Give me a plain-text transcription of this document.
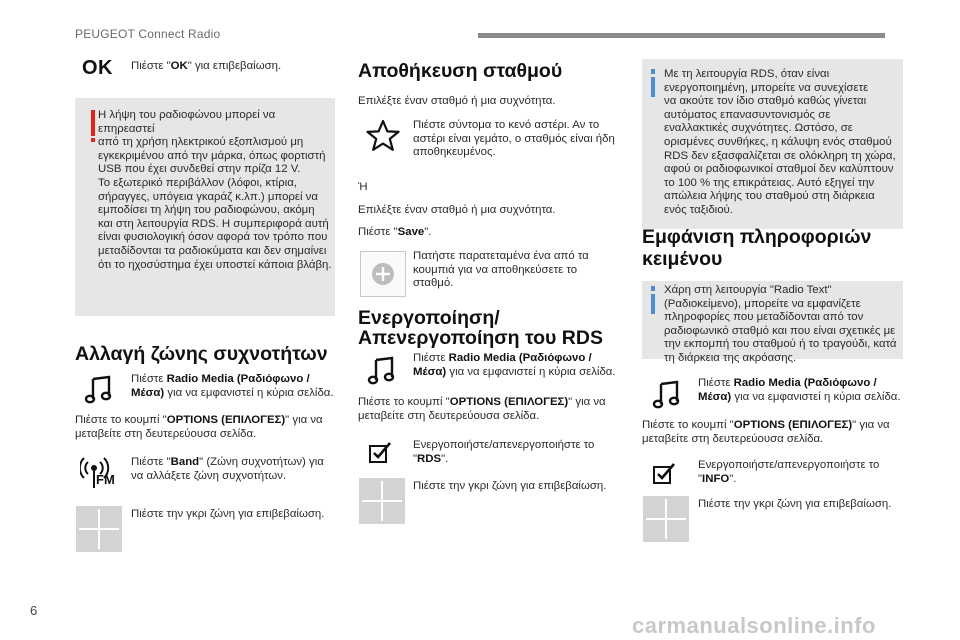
PEUGEOT Connect Radio
OK Πιέστε "OK" για επιβεβαίωση.
Η λήψη του ραδιοφώνου μπορεί να επηρεαστεί
από τη χρήση ηλεκτρικού εξοπλισμού μη
εγκεκριμένου από την μάρκα, όπως φορτιστή
USB που έχει συνδεθεί στην πρίζα 12 V.
Το εξωτερικό περιβάλλον (λόφοι, κτίρια,
σήραγγες, υπόγεια γκαράζ κ.λπ.) μπορεί να
εμποδίσει τη λήψη του ραδιοφώνου, ακόμη
και στη λειτουργία RDS. Η συμπεριφορά αυτή
είναι φυσιολογική όσον αφορά τον τρόπο που
μεταδίδονται τα ραδιοκύματα και δεν σημαίνει
ότι το ηχοσύστημα έχει υποστεί κάποια βλάβη.
Αλλαγή ζώνης συχνοτήτων
Πιέστε Radio Media (Ραδιόφωνο /
Μέσα) για να εμφανιστεί η κύρια σελίδα.
Πιέστε το κουμπί "OPTIONS (ΕΠΙΛΟΓΕΣ)" για να
μεταβείτε στη δευτερεύουσα σελίδα.
FM
Πιέστε "Band" (Ζώνη συχνοτήτων) για
να αλλάξετε ζώνη συχνοτήτων.
Πιέστε την γκρι ζώνη για επιβεβαίωση.
Αποθήκευση σταθμού
Επιλέξτε έναν σταθμό ή μια συχνότητα.
Πιέστε σύντομα το κενό αστέρι. Αν το
αστέρι είναι γεμάτο, ο σταθμός είναι ήδη
αποθηκευμένος.
Ή
Επιλέξτε έναν σταθμό ή μια συχνότητα.
Πιέστε "Save".
Πατήστε παρατεταμένα ένα από τα
κουμπιά για να αποθηκεύσετε το
σταθμό.
Ενεργοποίηση/
Απενεργοποίηση του RDS
Πιέστε Radio Media (Ραδιόφωνο /
Μέσα) για να εμφανιστεί η κύρια σελίδα.
Πιέστε το κουμπί "OPTIONS (ΕΠΙΛΟΓΕΣ)" για να
μεταβείτε στη δευτερεύουσα σελίδα.
Ενεργοποιήστε/απενεργοποιήστε το
"RDS".
Πιέστε την γκρι ζώνη για επιβεβαίωση.
Με τη λειτουργία RDS, όταν είναι
ενεργοποιημένη, μπορείτε να συνεχίσετε
να ακούτε τον ίδιο σταθμό καθώς γίνεται
αυτόματος επανασυντονισμός σε
εναλλακτικές συχνότητες. Ωστόσο, σε
ορισμένες συνθήκες, η κάλυψη ενός σταθμού
RDS δεν εξασφαλίζεται σε ολόκληρη τη χώρα,
αφού οι ραδιοφωνικοί σταθμοί δεν καλύπτουν
το 100 % της επικράτειας. Αυτό εξηγεί την
απώλεια λήψης του σταθμού στη διάρκεια
ενός ταξιδιού.
Εμφάνιση πληροφοριών
κειμένου
Χάρη στη λειτουργία "Radio Text"
(Ραδιοκείμενο), μπορείτε να εμφανίζετε
πληροφορίες που μεταδίδονται από τον
ραδιοφωνικό σταθμό και που είναι σχετικές με
την εκπομπή του σταθμού ή το τραγούδι, κατά
τη διάρκεια της ακρόασης.
Πιέστε Radio Media (Ραδιόφωνο /
Μέσα) για να εμφανιστεί η κύρια σελίδα.
Πιέστε το κουμπί "OPTIONS (ΕΠΙΛΟΓΕΣ)" για να
μεταβείτε στη δευτερεύουσα σελίδα.
Ενεργοποιήστε/απενεργοποιήστε το
"INFO".
Πιέστε την γκρι ζώνη για επιβεβαίωση.
6
carmanualsonline.info
